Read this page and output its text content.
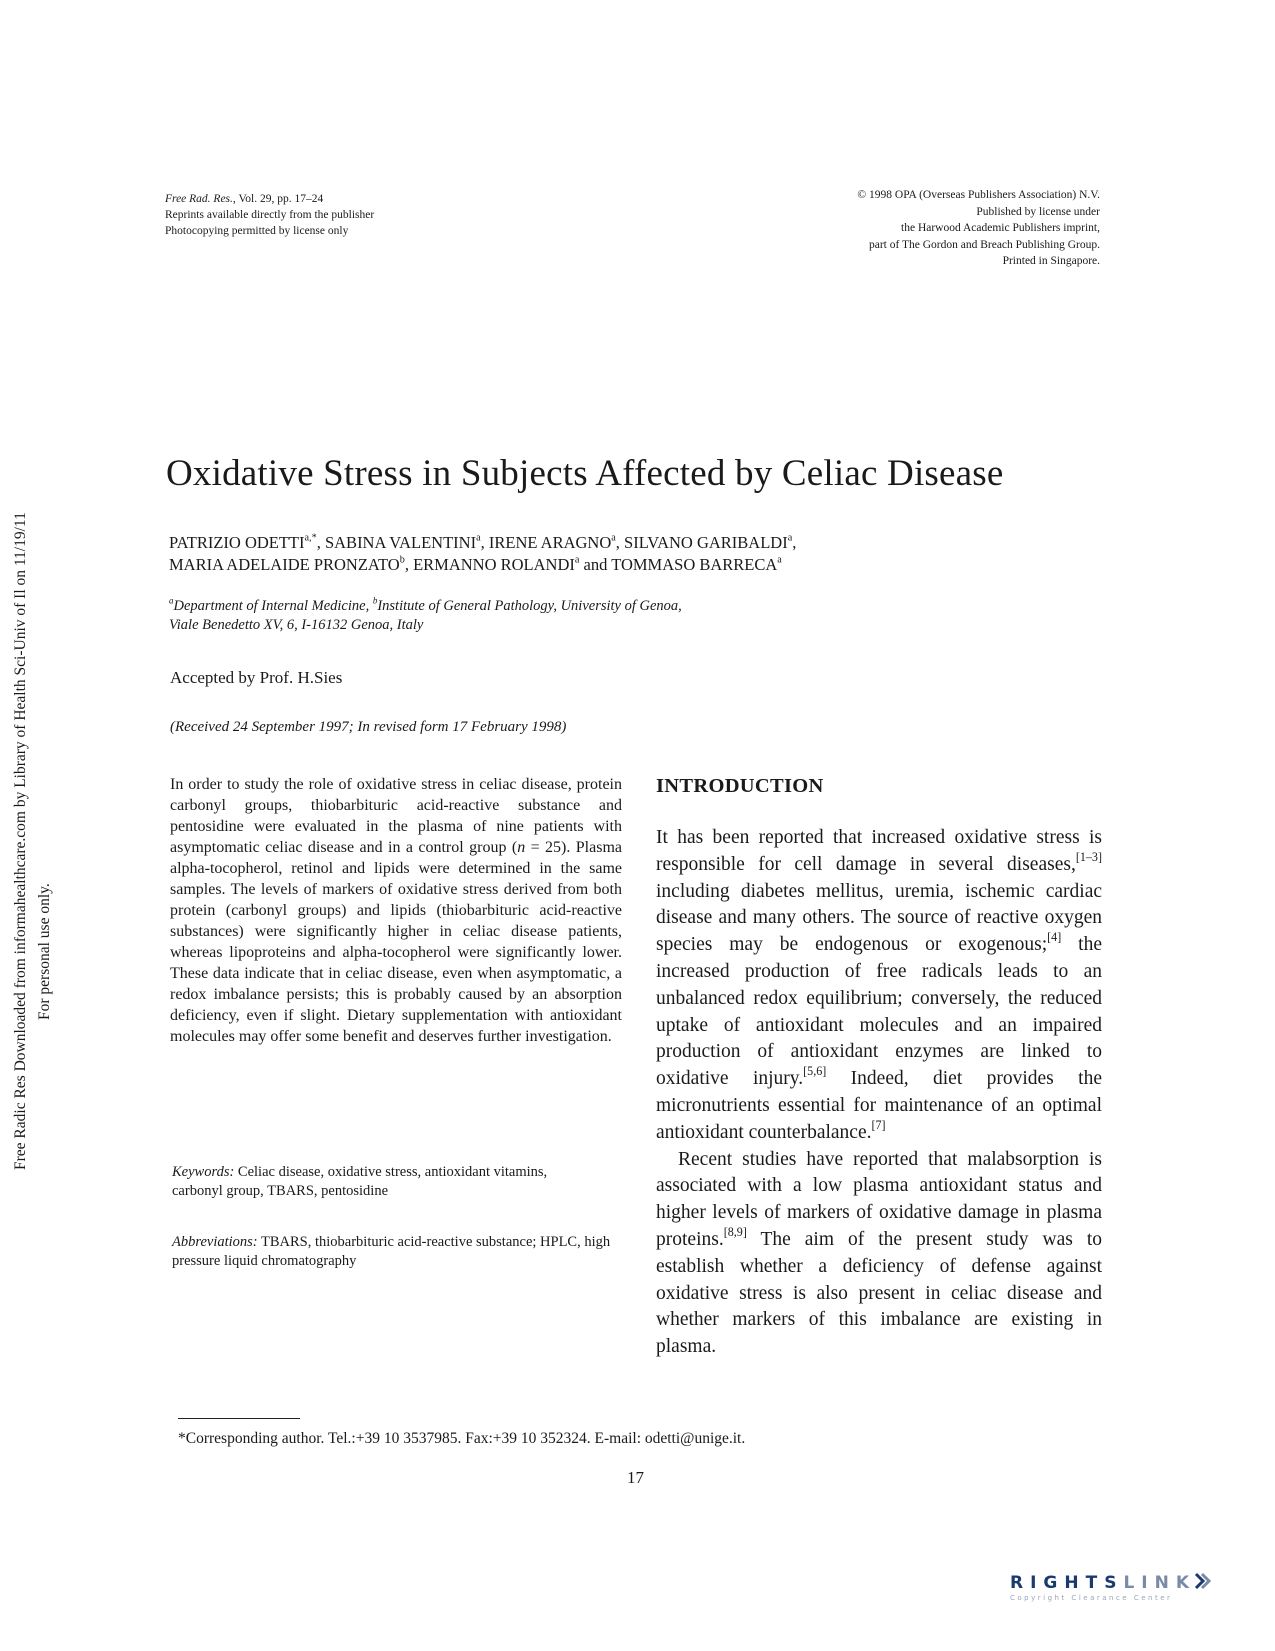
Free Radic Res Downloaded from informahealthcare.com by Library of Health Sci-Univ of Il on 11/19/11 For personal use only.
Free Rad. Res., Vol. 29, pp. 17–24
Reprints available directly from the publisher
Photocopying permitted by license only
© 1998 OPA (Overseas Publishers Association) N.V.
Published by license under
the Harwood Academic Publishers imprint,
part of The Gordon and Breach Publishing Group.
Printed in Singapore.
Oxidative Stress in Subjects Affected by Celiac Disease
PATRIZIO $ODETTI^{a,*}$, SABINA VALENTINI$^a$, IRENE ARAGNO$^a$, SILVANO GARIBALDI$^a$,
MARIA ADELAIDE PRONZATO$^b$, ERMANNO ROLANDI$^a$ and TOMMASO BARRECA$^a$
$^a$Department of Internal Medicine, $^b$Institute of General Pathology, University of Genoa,
Viale Benedetto XV, 6, I-16132 Genoa, Italy
Accepted by Prof. H.Sies
(Received 24 September 1997; In revised form 17 February 1998)
In order to study the role of oxidative stress in celiac disease, protein carbonyl groups, thiobarbituric acid-reactive substance and pentosidine were evaluated in the plasma of nine patients with asymptomatic celiac disease and in a control group (n = 25). Plasma alpha-tocopherol, retinol and lipids were determined in the same samples. The levels of markers of oxidative stress derived from both protein (carbonyl groups) and lipids (thiobarbituric acid-reactive substances) were significantly higher in celiac disease patients, whereas lipoproteins and alpha-tocopherol were significantly lower. These data indicate that in celiac disease, even when asymptomatic, a redox imbalance persists; this is probably caused by an absorption deficiency, even if slight. Dietary supplementation with antioxidant molecules may offer some benefit and deserves further investigation.
Keywords: Celiac disease, oxidative stress, antioxidant vitamins, carbonyl group, TBARS, pentosidine
Abbreviations: TBARS, thiobarbituric acid-reactive substance; HPLC, high pressure liquid chromatography
INTRODUCTION

It has been reported that increased oxidative stress is responsible for cell damage in several diseases,[1–3] including diabetes mellitus, uremia, ischemic cardiac disease and many others. The source of reactive oxygen species may be endogenous or exogenous;[4] the increased production of free radicals leads to an unbalanced redox equilibrium; conversely, the reduced uptake of antioxidant molecules and an impaired production of antioxidant enzymes are linked to oxidative injury.[5,6] Indeed, diet provides the micronutrients essential for maintenance of an optimal antioxidant counterbalance.[7]

Recent studies have reported that malabsorption is associated with a low plasma antioxidant status and higher levels of markers of oxidative damage in plasma proteins.[8,9] The aim of the present study was to establish whether a deficiency of defense against oxidative stress is also present in celiac disease and whether markers of this imbalance are existing in plasma.

*Corresponding author. Tel.:+39 10 3537985. Fax:+39 10 352324. E-mail: odetti@unige.it.
17
RIGHTSLINK
Copyright Clearance Center
